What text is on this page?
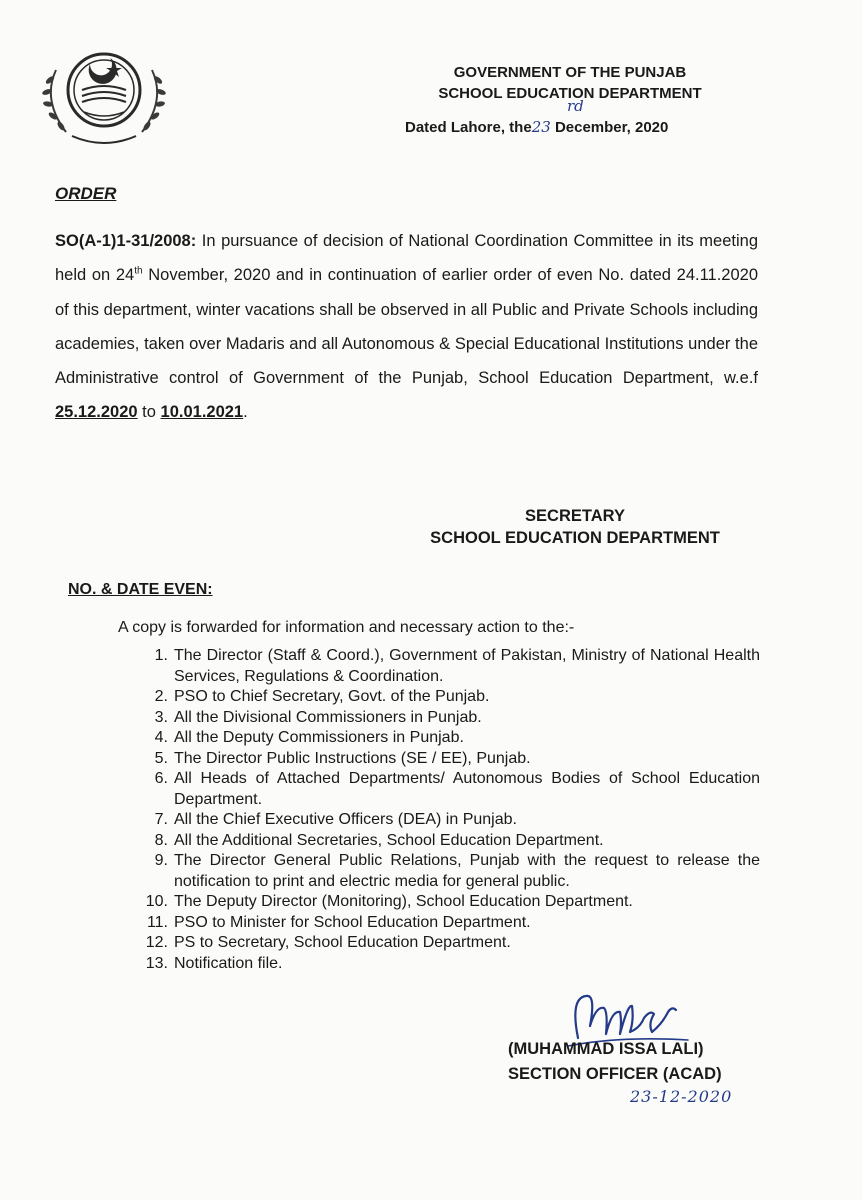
GOVERNMENT OF THE PUNJAB
SCHOOL EDUCATION DEPARTMENT
Dated Lahore, the23 December, 2020
rd
ORDER
SO(A-1)1-31/2008: In pursuance of decision of National Coordination Committee in its meeting held on 24th November, 2020 and in continuation of earlier order of even No. dated 24.11.2020 of this department, winter vacations shall be observed in all Public and Private Schools including academies, taken over Madaris and all Autonomous & Special Educational Institutions under the Administrative control of Government of the Punjab, School Education Department, w.e.f 25.12.2020 to 10.01.2021.
SECRETARY
SCHOOL EDUCATION DEPARTMENT
NO. & DATE EVEN:
A copy is forwarded for information and necessary action to the:-
1. The Director (Staff & Coord.), Government of Pakistan, Ministry of National Health Services, Regulations & Coordination.
2. PSO to Chief Secretary, Govt. of the Punjab.
3. All the Divisional Commissioners in Punjab.
4. All the Deputy Commissioners in Punjab.
5. The Director Public Instructions (SE / EE), Punjab.
6. All Heads of Attached Departments/ Autonomous Bodies of School Education Department.
7. All the Chief Executive Officers (DEA) in Punjab.
8. All the Additional Secretaries, School Education Department.
9. The Director General Public Relations, Punjab with the request to release the notification to print and electric media for general public.
10. The Deputy Director (Monitoring), School Education Department.
11. PSO to Minister for School Education Department.
12. PS to Secretary, School Education Department.
13. Notification file.
(MUHAMMAD ISSA LALI)
SECTION OFFICER (ACAD)
23-12-2020
